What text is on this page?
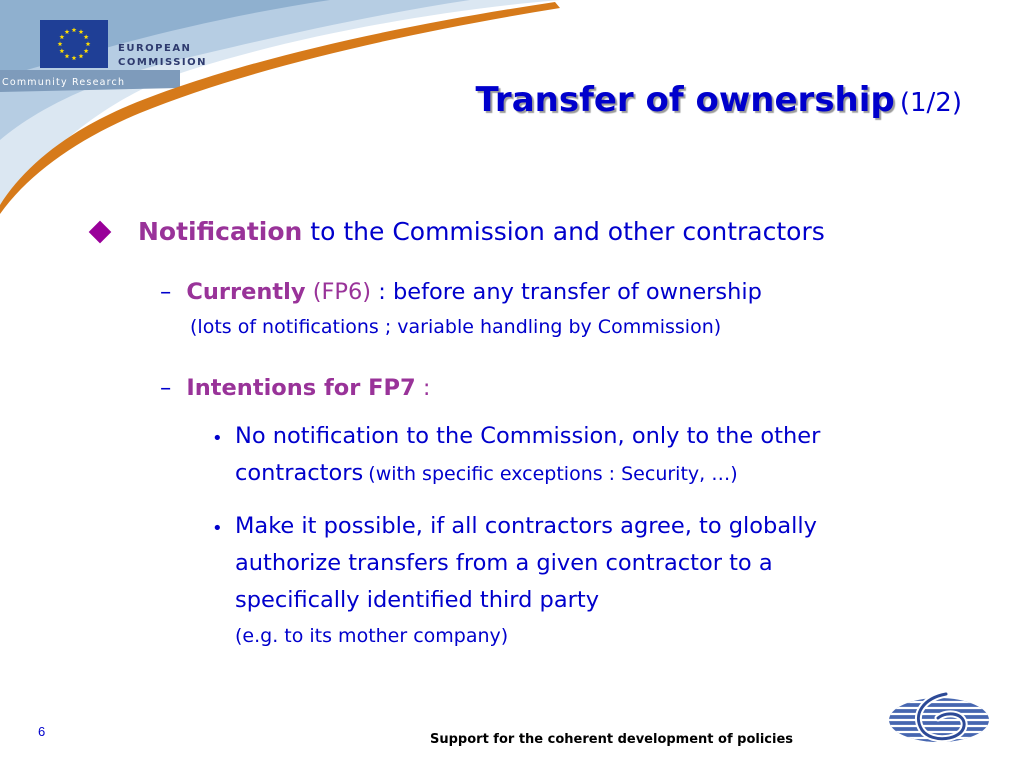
EUROPEAN
COMMISSION
Community Research	Transfer of ownership (1/2)
Notification to the Commission and other contractors
– Currently (FP6) : before any transfer of ownership
(lots of notifications ; variable handling by Commission)
– Intentions for FP7 :
• No notification to the Commission, only to the other
contractors (with specific exceptions : Security, …)
• Make it possible, if all contractors agree, to globally
authorize transfers from a given contractor to a
specifically identified third party
(e.g. to its mother company)
6
Support for the coherent development of policies
